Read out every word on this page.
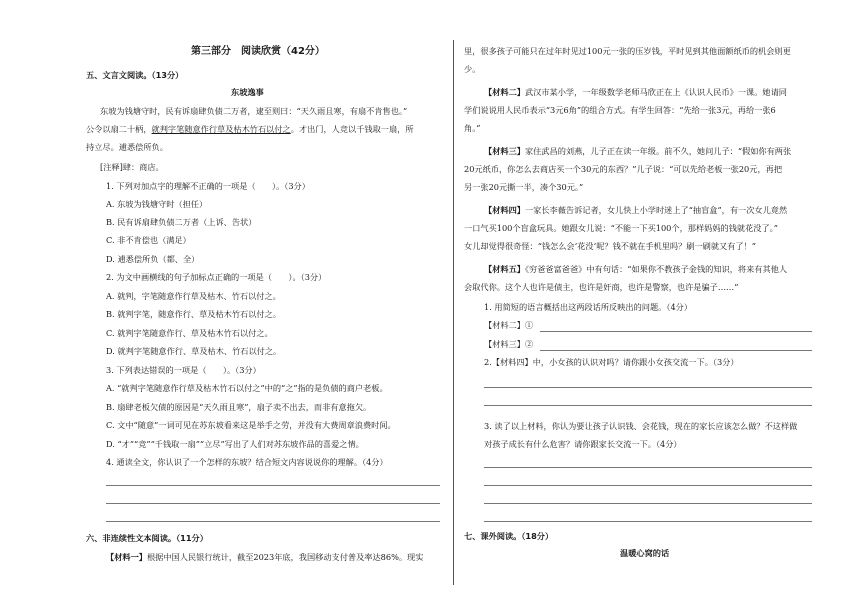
第三部分　阅读欣赏（42分）
五、文言文阅读。（13分）
东坡逸事
东坡为钱塘守时，民有诉扇肆负债二万者，逮至则曰：“天久雨且寒，有扇不肯售也。”
公令以扇二十柄，就判字笔随意作行草及枯木竹石以付之。才出门，人竞以千钱取一扇，所
持立尽。逋悉偿所负。
[注释]肆：商店。
1. 下列对加点字的理解不正确的一项是（　　）。（3分）
A. 东坡为钱塘守时（担任）
B. 民有诉扇肆负债二万者（上诉、告状）
C. 非不肯偿也（满足）
D. 逋悉偿所负（都、全）
2. 为文中画横线的句子加标点正确的一项是（　　）。（3分）
A. 就判，字笔随意作行草及枯木、竹石以付之。
B. 就判字笔，随意作行、草及枯木竹石以付之。
C. 就判字笔随意作行、草及枯木竹石以付之。
D. 就判字笔随意作行、草及枯木、竹石以付之。
3. 下列表达错误的一项是（　　）。（3分）
A. “就判字笔随意作行草及枯木竹石以付之”中的“之”指的是负债的商户老板。
B. 扇肆老板欠债的原因是“天久雨且寒”，扇子卖不出去，而非有意拖欠。
C. 文中“随意”一词可见在苏东坡看来这是举手之劳，并没有大费周章浪费时间。
D. “才”“竞”“千钱取一扇”“立尽”写出了人们对苏东坡作品的喜爱之情。
4. 通读全文，你认识了一个怎样的东坡？结合短文内容说说你的理解。（4分）
六、非连续性文本阅读。（11分）
【材料一】根据中国人民银行统计，截至2023年底，我国移动支付普及率达86%。现实
里，很多孩子可能只在过年时见过100元一张的压岁钱，平时见到其他面额纸币的机会则更
少。
【材料二】武汉市某小学，一年级数学老师马欣正在上《认识人民币》一课。她请同
学们说说用人民币表示“3元6角”的组合方式。有学生回答：“先给一张3元，再给一张6
角。”
【材料三】家住武昌的刘燕，儿子正在读一年级。前不久，她问儿子：“假如你有两张
20元纸币，你怎么去商店买一个30元的东西？”儿子说：“可以先给老板一张20元，再把
另一张20元撕一半，凑个30元。”
【材料四】一家长李薇告诉记者，女儿快上小学时迷上了“抽盲盒”，有一次女儿竟然
一口气买100个盲盒玩具。她跟女儿说：“不能一下买100个，那样妈妈的钱就花没了。”
女儿却觉得很奇怪：“钱怎么会‘花没’呢？钱不就在手机里吗？刷一刷就又有了！”
【材料五】《穷爸爸富爸爸》中有句话：“如果你不教孩子金钱的知识，将来有其他人
会取代你。这个人也许是债主，也许是奸商，也许是警察，也许是骗子……”
1. 用简短的语言概括出这两段话所反映出的问题。（4分）
【材料二】①
【材料三】②
2.【材料四】中，小女孩的认识对吗？请你跟小女孩交流一下。（3分）
3. 读了以上材料，你认为要让孩子认识钱、会花钱，现在的家长应该怎么做？不这样做
对孩子成长有什么危害？请你跟家长交流一下。（4分）
七、课外阅读。（18分）
温暖心窝的话
